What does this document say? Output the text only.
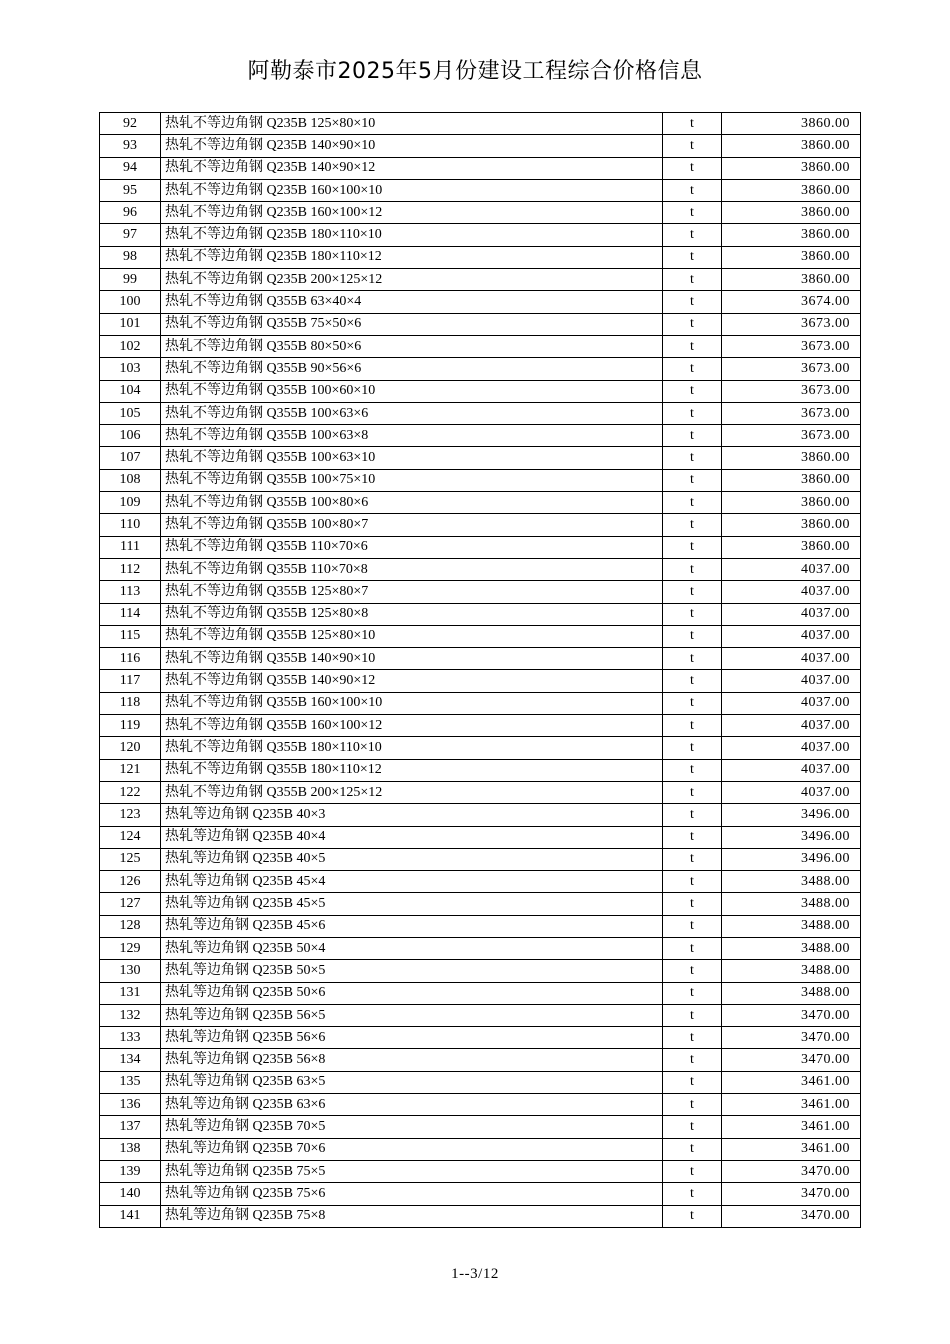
阿勒泰市2025年5月份建设工程综合价格信息
92	热轧不等边角钢 Q235B 125×80×10	t	3860.00
93	热轧不等边角钢 Q235B 140×90×10	t	3860.00
94	热轧不等边角钢 Q235B 140×90×12	t	3860.00
95	热轧不等边角钢 Q235B 160×100×10	t	3860.00
96	热轧不等边角钢 Q235B 160×100×12	t	3860.00
97	热轧不等边角钢 Q235B 180×110×10	t	3860.00
98	热轧不等边角钢 Q235B 180×110×12	t	3860.00
99	热轧不等边角钢 Q235B 200×125×12	t	3860.00
100	热轧不等边角钢 Q355B 63×40×4	t	3674.00
101	热轧不等边角钢 Q355B 75×50×6	t	3673.00
102	热轧不等边角钢 Q355B 80×50×6	t	3673.00
103	热轧不等边角钢 Q355B 90×56×6	t	3673.00
104	热轧不等边角钢 Q355B 100×60×10	t	3673.00
105	热轧不等边角钢 Q355B 100×63×6	t	3673.00
106	热轧不等边角钢 Q355B 100×63×8	t	3673.00
107	热轧不等边角钢 Q355B 100×63×10	t	3860.00
108	热轧不等边角钢 Q355B 100×75×10	t	3860.00
109	热轧不等边角钢 Q355B 100×80×6	t	3860.00
110	热轧不等边角钢 Q355B 100×80×7	t	3860.00
111	热轧不等边角钢 Q355B 110×70×6	t	3860.00
112	热轧不等边角钢 Q355B 110×70×8	t	4037.00
113	热轧不等边角钢 Q355B 125×80×7	t	4037.00
114	热轧不等边角钢 Q355B 125×80×8	t	4037.00
115	热轧不等边角钢 Q355B 125×80×10	t	4037.00
116	热轧不等边角钢 Q355B 140×90×10	t	4037.00
117	热轧不等边角钢 Q355B 140×90×12	t	4037.00
118	热轧不等边角钢 Q355B 160×100×10	t	4037.00
119	热轧不等边角钢 Q355B 160×100×12	t	4037.00
120	热轧不等边角钢 Q355B 180×110×10	t	4037.00
121	热轧不等边角钢 Q355B 180×110×12	t	4037.00
122	热轧不等边角钢 Q355B 200×125×12	t	4037.00
123	热轧等边角钢 Q235B 40×3	t	3496.00
124	热轧等边角钢 Q235B 40×4	t	3496.00
125	热轧等边角钢 Q235B 40×5	t	3496.00
126	热轧等边角钢 Q235B 45×4	t	3488.00
127	热轧等边角钢 Q235B 45×5	t	3488.00
128	热轧等边角钢 Q235B 45×6	t	3488.00
129	热轧等边角钢 Q235B 50×4	t	3488.00
130	热轧等边角钢 Q235B 50×5	t	3488.00
131	热轧等边角钢 Q235B 50×6	t	3488.00
132	热轧等边角钢 Q235B 56×5	t	3470.00
133	热轧等边角钢 Q235B 56×6	t	3470.00
134	热轧等边角钢 Q235B 56×8	t	3470.00
135	热轧等边角钢 Q235B 63×5	t	3461.00
136	热轧等边角钢 Q235B 63×6	t	3461.00
137	热轧等边角钢 Q235B 70×5	t	3461.00
138	热轧等边角钢 Q235B 70×6	t	3461.00
139	热轧等边角钢 Q235B 75×5	t	3470.00
140	热轧等边角钢 Q235B 75×6	t	3470.00
141	热轧等边角钢 Q235B 75×8	t	3470.00
1--3/12
